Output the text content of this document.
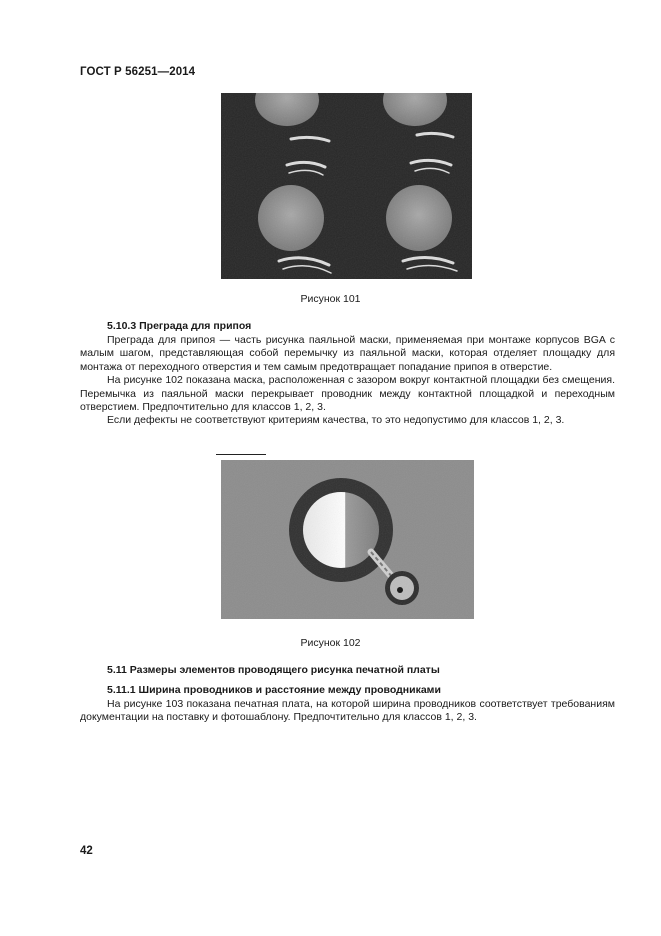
ГОСТ Р 56251—2014
Рисунок 101
5.10.3 Преграда для припоя

Преграда для припоя — часть рисунка паяльной маски, применяемая при монтаже корпусов BGA с малым шагом, представляющая собой перемычку из паяльной маски, которая отделяет площадку для монтажа от переходного отверстия и тем самым предотвращает попадание припоя в отверстие.

На рисунке 102 показана маска, расположенная с зазором вокруг контактной площадки без смещения. Перемычка из паяльной маски перекрывает проводник между контактной площадкой и переходным отверстием. Предпочтительно для классов 1, 2, 3.

Если дефекты не соответствуют критериям качества, то это недопустимо для классов 1, 2, 3.

Рисунок 102
5.11 Размеры элементов проводящего рисунка печатной платы
5.11.1 Ширина проводников и расстояние между проводниками

На рисунке 103 показана печатная плата, на которой ширина проводников соответствует требованиям документации на поставку и фотошаблону. Предпочтительно для классов 1, 2, 3.

42
